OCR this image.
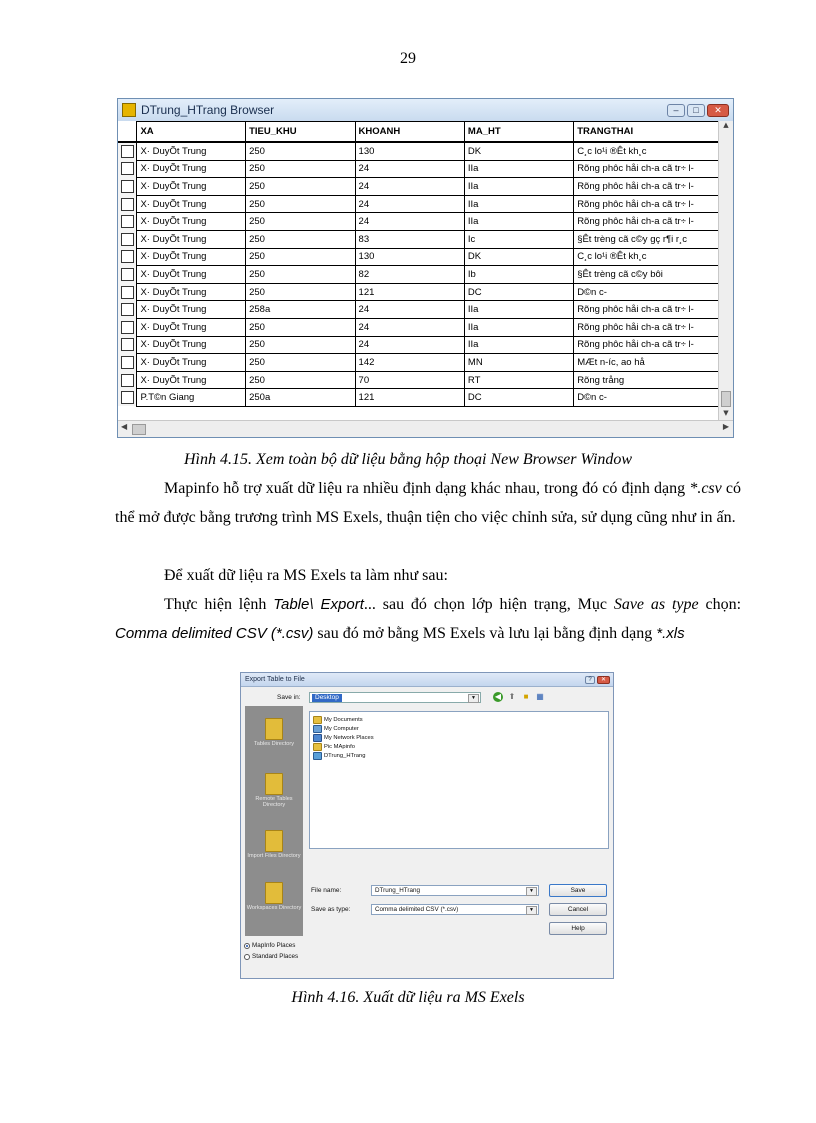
29
DTrung_HTrang Browser	–	□	✕
	XA	TIEU_KHU	KHOANH	MA_HT	TRANGTHAI
	X· DuyÕt Trung	250	130	DK	C¸c lo¹i ®Êt kh¸c
	X· DuyÕt Trung	250	24	IIa	Rõng phôc håi ch-a cã tr÷ l-
	X· DuyÕt Trung	250	24	IIa	Rõng phôc håi ch-a cã tr÷ l-
	X· DuyÕt Trung	250	24	IIa	Rõng phôc håi ch-a cã tr÷ l-
	X· DuyÕt Trung	250	24	IIa	Rõng phôc håi ch-a cã tr÷ l-
	X· DuyÕt Trung	250	83	Ic	§Êt trèng cã c©y gç r¶i r¸c
	X· DuyÕt Trung	250	130	DK	C¸c lo¹i ®Êt kh¸c
	X· DuyÕt Trung	250	82	Ib	§Êt trèng cã c©y bôi
	X· DuyÕt Trung	250	121	DC	D©n c-
	X· DuyÕt Trung	258a	24	IIa	Rõng phôc håi ch-a cã tr÷ l-
	X· DuyÕt Trung	250	24	IIa	Rõng phôc håi ch-a cã tr÷ l-
	X· DuyÕt Trung	250	24	IIa	Rõng phôc håi ch-a cã tr÷ l-
	X· DuyÕt Trung	250	142	MN	MÆt n-íc, ao hå
	X· DuyÕt Trung	250	70	RT	Rõng trång
	P.T©n Giang	250a	121	DC	D©n c-
▲
▼
◀	▶
Hình 4.15. Xem toàn bộ dữ liệu bằng hộp thoại New Browser Window
Mapinfo hỗ trợ xuất dữ liệu ra nhiều định dạng khác nhau, trong đó có định dạng *.csv có thể mở được bằng trương trình MS Exels, thuận tiện cho việc chỉnh sửa, sử dụng cũng như in ấn.
Để xuất dữ liệu ra MS Exels ta làm như sau:
Thực hiện lệnh Table\ Export... sau đó chọn lớp hiện trạng, Mục Save as type chọn: Comma delimited CSV (*.csv) sau đó mở bằng MS Exels và lưu lại bằng định dạng *.xls
Export Table to File	?	✕
Save in:	Desktop	▼	◀ ⬆	■ ▦
Tables Directory
Remote Tables Directory
Import Files Directory
Workspaces Directory
My Documents
My Computer
My Network Places
Pic MApinfo
DTrung_HTrang
File name:	DTrung_HTrang	▼
Save as type:	Comma delimited CSV (*.csv)	▼
Save
Cancel
Help
MapInfo Places
Standard Places
Hình 4.16. Xuất dữ liệu ra MS Exels
